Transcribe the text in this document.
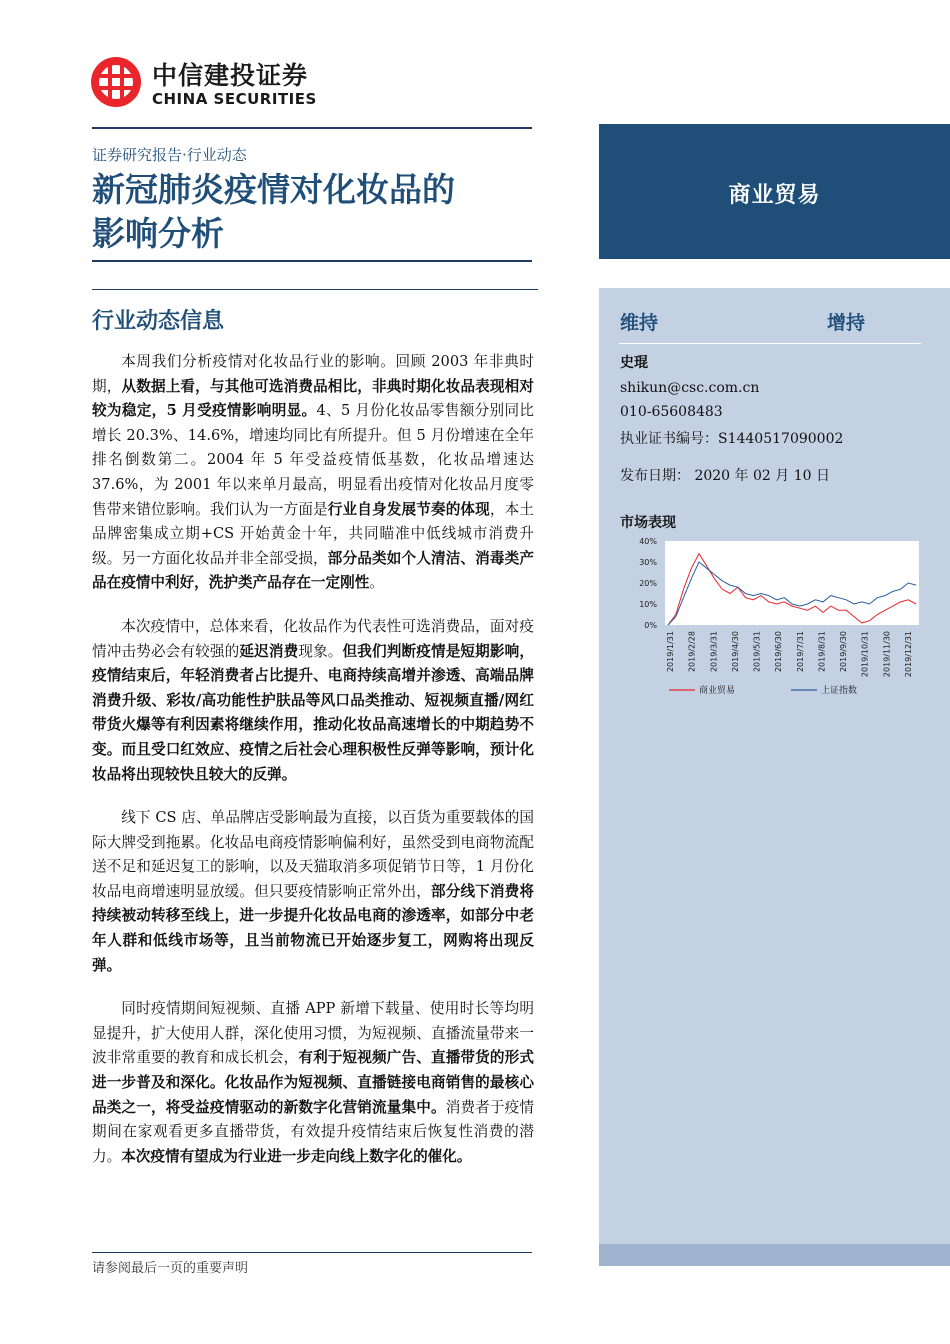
中信建投证券
CHINA SECURITIES
证券研究报告·行业动态
新冠肺炎疫情对化妆品的
影响分析
行业动态信息

本周我们分析疫情对化妆品行业的影响。回顾 2003 年非典时期，从数据上看，与其他可选消费品相比，非典时期化妆品表现相对较为稳定，5 月受疫情影响明显。4、5 月份化妆品零售额分别同比增长 20.3%、14.6%，增速均同比有所提升。但 5 月份增速在全年排名倒数第二。2004 年 5 年受益疫情低基数，化妆品增速达 37.6%，为 2001 年以来单月最高，明显看出疫情对化妆品月度零售带来错位影响。我们认为一方面是行业自身发展节奏的体现，本土品牌密集成立期+CS 开始黄金十年，共同瞄准中低线城市消费升级。另一方面化妆品并非全部受损，部分品类如个人清洁、消毒类产品在疫情中利好，洗护类产品存在一定刚性。

本次疫情中，总体来看，化妆品作为代表性可选消费品，面对疫情冲击势必会有较强的延迟消费现象。但我们判断疫情是短期影响，疫情结束后，年轻消费者占比提升、电商持续高增并渗透、高端品牌消费升级、彩妆/高功能性护肤品等风口品类推动、短视频直播/网红带货火爆等有利因素将继续作用，推动化妆品高速增长的中期趋势不变。而且受口红效应、疫情之后社会心理积极性反弹等影响，预计化妆品将出现较快且较大的反弹。

线下 CS 店、单品牌店受影响最为直接，以百货为重要载体的国际大牌受到拖累。化妆品电商疫情影响偏利好，虽然受到电商物流配送不足和延迟复工的影响，以及天猫取消多项促销节日等，1 月份化妆品电商增速明显放缓。但只要疫情影响正常外出，部分线下消费将持续被动转移至线上，进一步提升化妆品电商的渗透率，如部分中老年人群和低线市场等，且当前物流已开始逐步复工，网购将出现反弹。

同时疫情期间短视频、直播 APP 新增下载量、使用时长等均明显提升，扩大使用人群，深化使用习惯，为短视频、直播流量带来一波非常重要的教育和成长机会，有利于短视频广告、直播带货的形式进一步普及和深化。化妆品作为短视频、直播链接电商销售的最核心品类之一，将受益疫情驱动的新数字化营销流量集中。消费者于疫情期间在家观看更多直播带货，有效提升疫情结束后恢复性消费的潜力。本次疫情有望成为行业进一步走向线上数字化的催化。

请参阅最后一页的重要声明
商业贸易
维持	增持
史琨
shikun@csc.com.cn
010-65608483
执业证书编号：S1440517090002
发布日期： 2020 年 02 月 10 日
市场表现
40%
30%
20%
10%
0%
2019/1/31 2019/2/28 2019/3/31 2019/4/30 2019/5/31 2019/6/30 2019/7/31 2019/8/31 2019/9/30 2019/10/31 2019/11/30 2019/12/31
商业贸易	上证指数
